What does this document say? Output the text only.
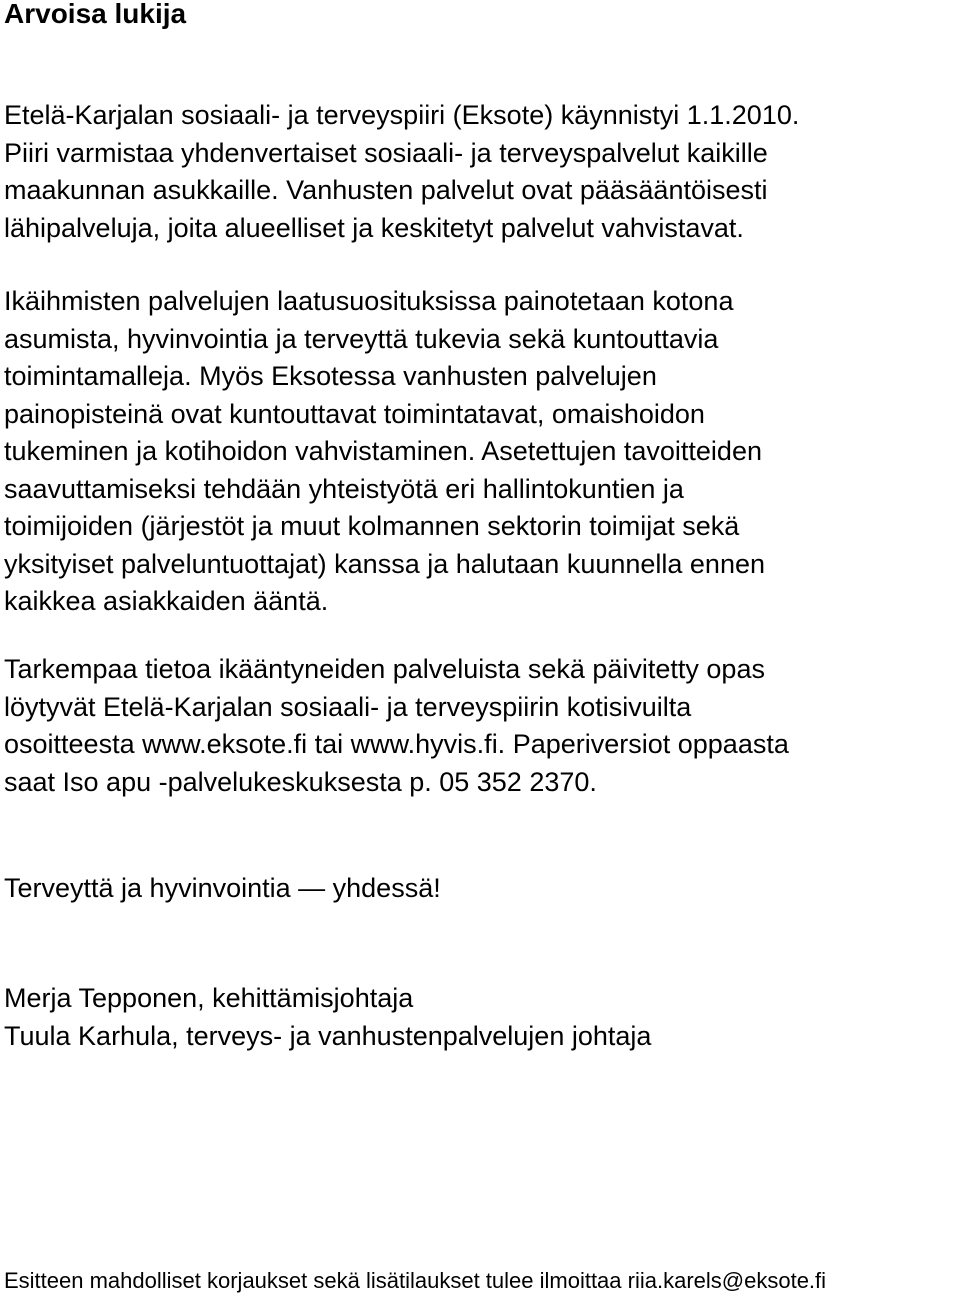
Arvoisa lukija

Etelä-Karjalan sosiaali- ja terveyspiiri (Eksote) käynnistyi 1.1.2010.
Piiri varmistaa yhdenvertaiset sosiaali- ja terveyspalvelut kaikille
maakunnan asukkaille. Vanhusten palvelut ovat pääsääntöisesti
lähipalveluja, joita alueelliset ja keskitetyt palvelut vahvistavat.

Ikäihmisten palvelujen laatusuosituksissa painotetaan kotona
asumista, hyvinvointia ja terveyttä tukevia sekä kuntouttavia
toimintamalleja. Myös Eksotessa vanhusten palvelujen
painopisteinä ovat kuntouttavat toimintatavat, omaishoidon
tukeminen ja kotihoidon vahvistaminen. Asetettujen tavoitteiden
saavuttamiseksi tehdään yhteistyötä eri hallintokuntien ja
toimijoiden (järjestöt ja muut kolmannen sektorin toimijat sekä
yksityiset palveluntuottajat) kanssa ja halutaan kuunnella ennen
kaikkea asiakkaiden ääntä.

Tarkempaa tietoa ikääntyneiden palveluista sekä päivitetty opas
löytyvät Etelä-Karjalan sosiaali- ja terveyspiirin kotisivuilta
osoitteesta www.eksote.fi tai www.hyvis.fi. Paperiversiot oppaasta
saat Iso apu -palvelukeskuksesta p. 05 352 2370.

Terveyttä ja hyvinvointia — yhdessä!

Merja Tepponen, kehittämisjohtaja
Tuula Karhula, terveys- ja vanhustenpalvelujen johtaja

Esitteen mahdolliset korjaukset sekä lisätilaukset tulee ilmoittaa riia.karels@eksote.fi
